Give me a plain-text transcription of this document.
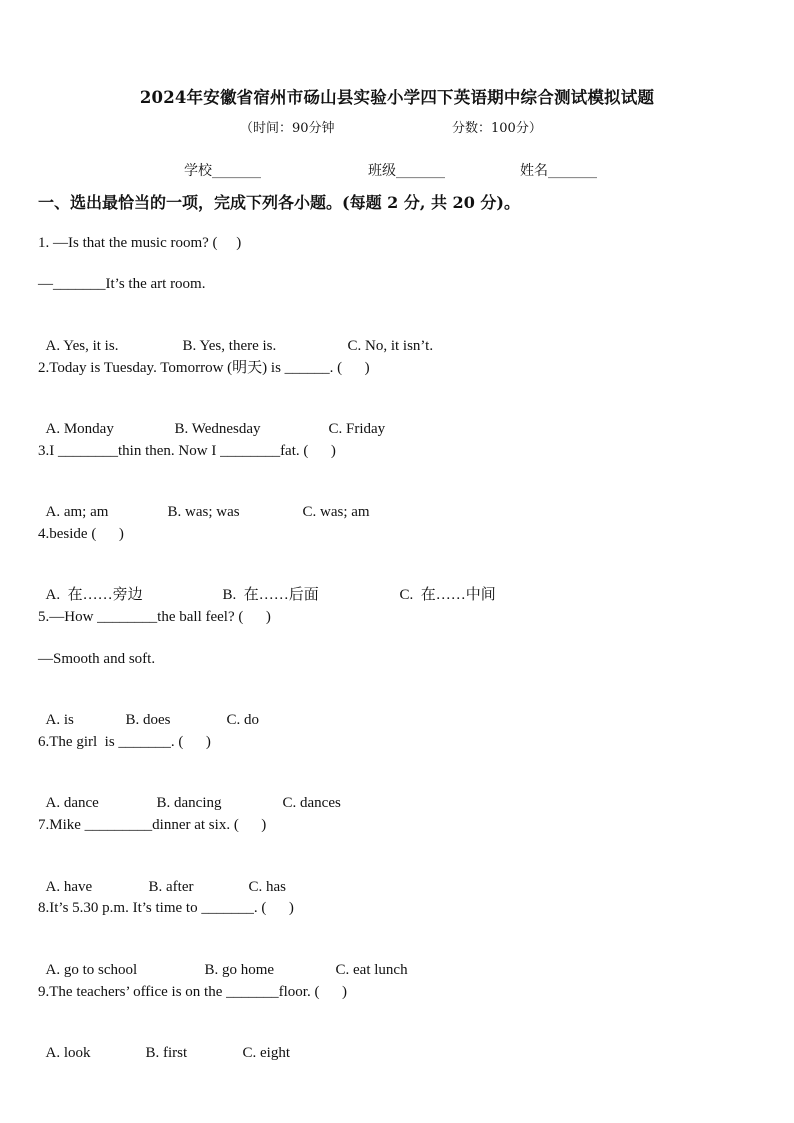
2024年安徽省宿州市砀山县实验小学四下英语期中综合测试模拟试题
（时间：90分钟	分数：100分）
学校_______	班级_______	姓名_______
一、选出最恰当的一项，完成下列各小题。(每题 2 分, 共 20 分)。
1. —Is that the music room? (     )
—_______It’s the art room.

A. Yes, it is.	B. Yes, there is.	C. No, it isn’t.

2.Today is Tuesday. Tomorrow (明天) is ______. (      )

A. Monday	B. Wednesday	C. Friday

3.I ________thin then. Now I ________fat. (      )

A. am; am	B. was; was	C. was; am

4.beside (      )

A.  在……旁边	B.  在……后面	C.  在……中间

5.—How ________the ball feel? (      )
—Smooth and soft.

A. is	B. does	C. do

6.The girl  is _______. (      )

A. dance	B. dancing	C. dances

7.Mike _________dinner at six. (      )

A. have	B. after	C. has

8.It’s 5.30 p.m. It’s time to _______. (      )

A. go to school	B. go home	C. eat lunch

9.The teachers’ office is on the _______floor. (      )

A. look	B. first	C. eight
